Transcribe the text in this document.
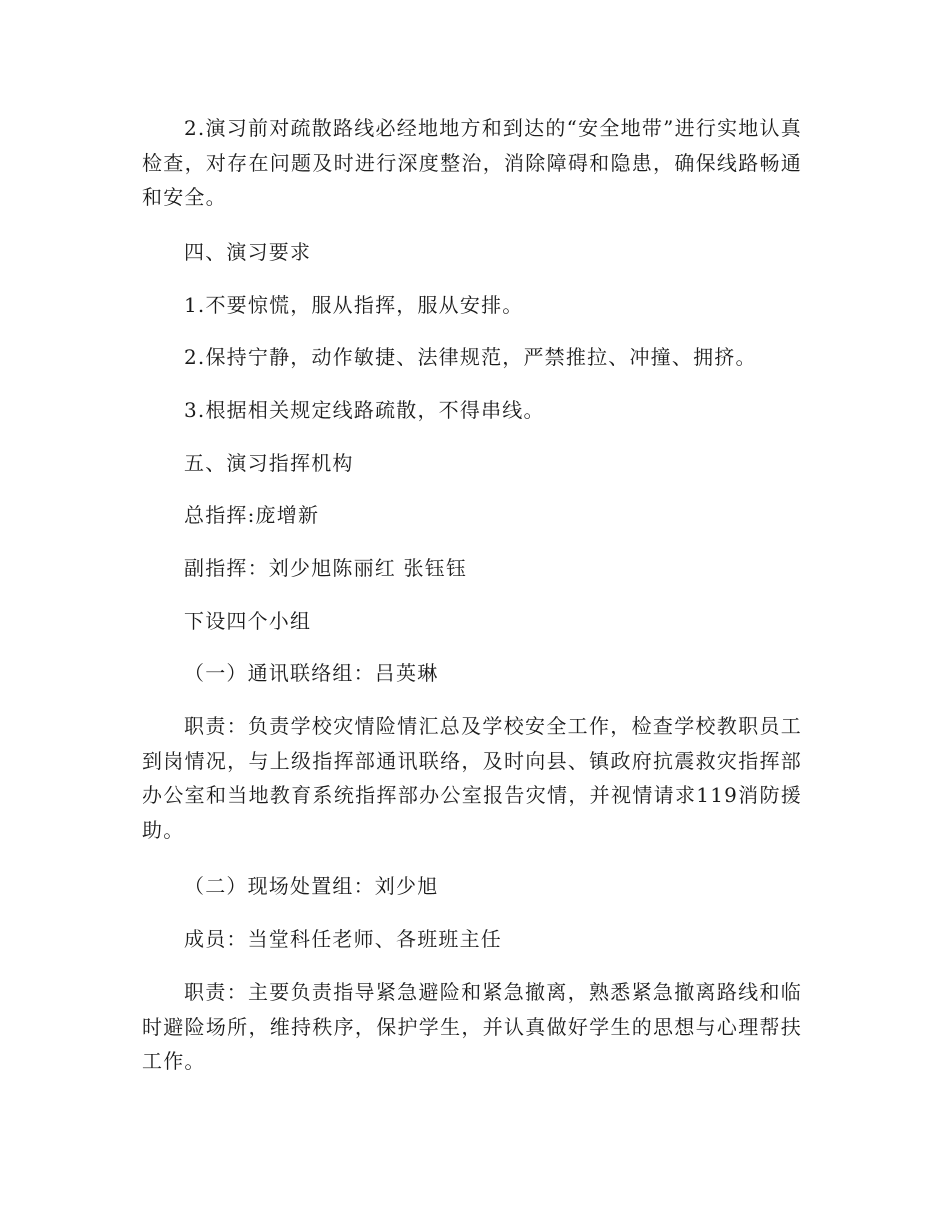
2.演习前对疏散路线必经地地方和到达的“安全地带”进行实地认真检查，对存在问题及时进行深度整治，消除障碍和隐患，确保线路畅通和安全。

四、演习要求

1.不要惊慌，服从指挥，服从安排。

2.保持宁静，动作敏捷、法律规范，严禁推拉、冲撞、拥挤。

3.根据相关规定线路疏散，不得串线。

五、演习指挥机构

总指挥:庞增新

副指挥：刘少旭陈丽红 张钰钰

下设四个小组

（一）通讯联络组：吕英琳

职责：负责学校灾情险情汇总及学校安全工作，检查学校教职员工到岗情况，与上级指挥部通讯联络，及时向县、镇政府抗震救灾指挥部办公室和当地教育系统指挥部办公室报告灾情，并视情请求119消防援助。

（二）现场处置组：刘少旭

成员：当堂科任老师、各班班主任

职责：主要负责指导紧急避险和紧急撤离，熟悉紧急撤离路线和临时避险场所，维持秩序，保护学生，并认真做好学生的思想与心理帮扶工作。
